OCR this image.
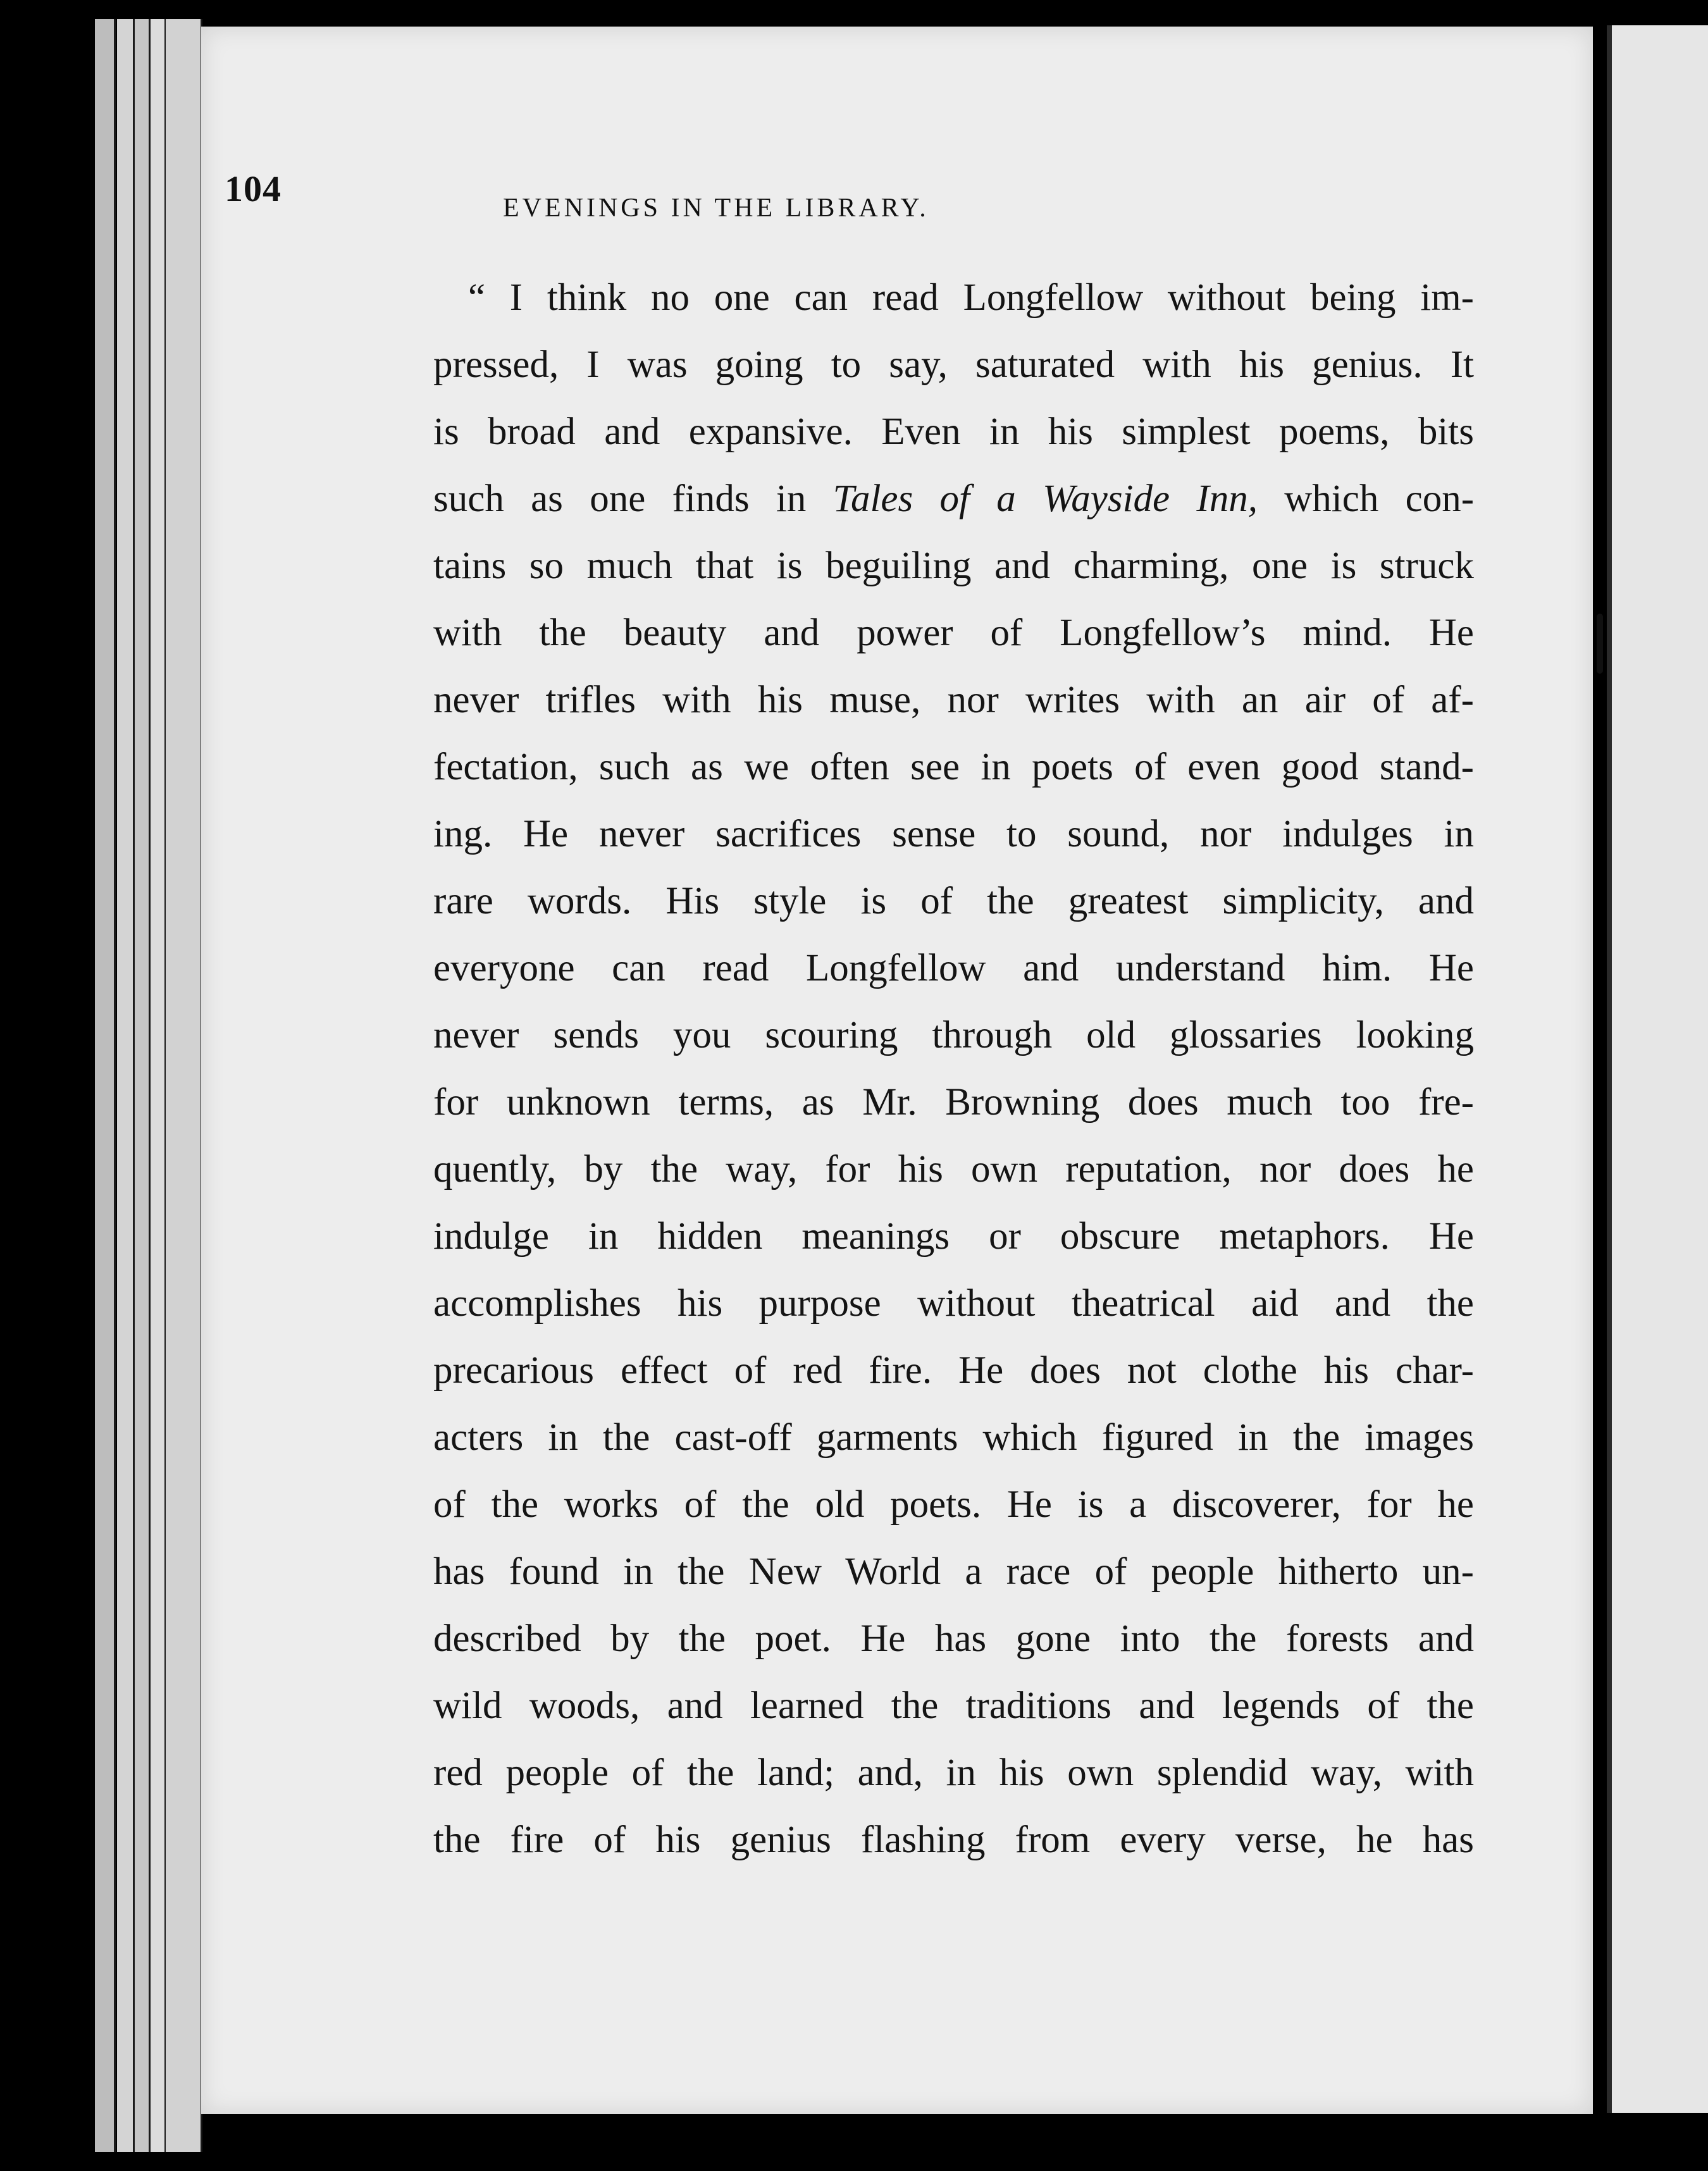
104	EVENINGS IN THE LIBRARY.
“ I think no one can read Longfellow without being im-
pressed, I was going to say, saturated with his genius. It
is broad and expansive. Even in his simplest poems, bits
such as one finds in Tales of a Wayside Inn, which con-
tains so much that is beguiling and charming, one is struck
with the beauty and power of Longfellow’s mind. He
never trifles with his muse, nor writes with an air of af-
fectation, such as we often see in poets of even good stand-
ing. He never sacrifices sense to sound, nor indulges in
rare words. His style is of the greatest simplicity, and
everyone can read Longfellow and understand him. He
never sends you scouring through old glossaries looking
for unknown terms, as Mr. Browning does much too fre-
quently, by the way, for his own reputation, nor does he
indulge in hidden meanings or obscure metaphors. He
accomplishes his purpose without theatrical aid and the
precarious effect of red fire. He does not clothe his char-
acters in the cast-off garments which figured in the images
of the works of the old poets. He is a discoverer, for he
has found in the New World a race of people hitherto un-
described by the poet. He has gone into the forests and
wild woods, and learned the traditions and legends of the
red people of the land; and, in his own splendid way, with
the fire of his genius flashing from every verse, he has
